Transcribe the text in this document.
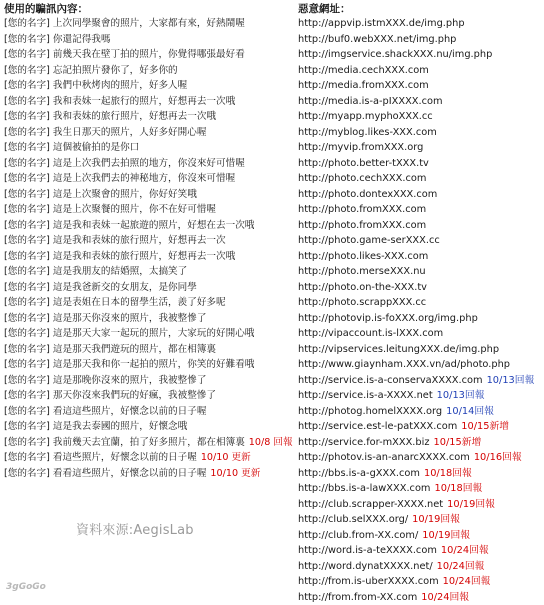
使用的騙訊內容：
[您的名字] 上次同學聚會的照片，大家都有來，好熱鬧喔
[您的名字] 你還記得我嗎
[您的名字] 前幾天我在壁丁拍的照片，你覺得哪張最好看
[您的名字] 忘記拍照片發你了，好多你的
[您的名字] 我們中秋烤肉的照片，好多人喔
[您的名字] 我和表妹一起旅行的照片，好想再去一次哦
[您的名字] 我和表妹的旅行照片，好想再去一次哦
[您的名字] 我生日那天的照片，人好多好開心喔
[您的名字] 這個被偷拍的是你口
[您的名字] 這是上次我們去拍照的地方，你沒來好可惜喔
[您的名字] 這是上次我們去的神秘地方，你沒來可惜喔
[您的名字] 這是上次聚會的照片，你好好笑哦
[您的名字] 這是上次聚餐的照片，你不在好可惜喔
[您的名字] 這是我和表妹一起旅遊的照片，好想在去一次哦
[您的名字] 這是我和表妹的旅行照片，好想再去一次
[您的名字] 這是我和表妹的旅行照片，好想再去一次哦
[您的名字] 這是我朋友的結婚照，太搞笑了
[您的名字] 這是我爸新交的女朋友，是你同學
[您的名字] 這是表姐在日本的留學生活，羨了好多呢
[您的名字] 這是那天你沒來的照片，我被整慘了
[您的名字] 這是那天大家一起玩的照片，大家玩的好開心哦
[您的名字] 這是那天我們遊玩的照片，都在相簿裏
[您的名字] 這是那天我和你一起拍的照片，你笑的好難看哦
[您的名字] 這是那晚你沒來的照片，我被整慘了
[您的名字] 那天你沒來我們玩的好瘋，我被整慘了
[您的名字] 看這這些照片，好懷念以前的日子喔
[您的名字] 這是我去泰國的照片，好懷念哦
[您的名字] 我前幾天去宜蘭，拍了好多照片，都在相簿裏 10/8 回報
[您的名字] 看這些照片，好懷念以前的日子喔 10/10 更新
[您的名字] 看看這些照片，好懷念以前的日子喔 10/10 更新
惡意網址：
http://appvip.istmXXX.de/img.php
http://buf0.webXXX.net/img.php
http://imgservice.shackXXX.nu/img.php
http://media.cechXXX.com
http://media.fromXXX.com
http://media.is-a-pIXXXX.com
http://myapp.myphoXXX.cc
http://myblog.likes-XXX.com
http://myvip.fromXXX.org
http://photo.better-tXXX.tv
http://photo.cechXXX.com
http://photo.dontexXXX.com
http://photo.fromXXX.com
http://photo.fromXXX.com
http://photo.game-serXXX.cc
http://photo.likes-XXX.com
http://photo.merseXXX.nu
http://photo.on-the-XXX.tv
http://photo.scrappXXX.cc
http://photovip.is-foXXX.org/img.php
http://vipaccount.is-lXXX.com
http://vipservices.leitungXXX.de/img.php
http://www.giaynham.XXX.vn/ad/photo.php
http://service.is-a-conservaXXXX.com 10/13回報
http://service.is-a-XXXX.net 10/13回報
http://photog.homelXXXX.org 10/14回報
http://service.est-le-patXXX.com 10/15新增
http://service.for-mXXX.biz 10/15新增
http://photov.is-an-anarcXXXX.com 10/16回報
http://bbs.is-a-gXXX.com 10/18回報
http://bbs.is-a-lawXXX.com 10/18回報
http://club.scrapper-XXXX.net 10/19回報
http://club.selXXX.org/ 10/19回報
http://club.from-XX.com/ 10/19回報
http://word.is-a-teXXXX.com 10/24回報
http://word.dynatXXXX.net/ 10/24回報
http://from.is-uberXXXX.com 10/24回報
http://from.from-XX.com 10/24回報
資料來源:AegisLab
3gGoGo
